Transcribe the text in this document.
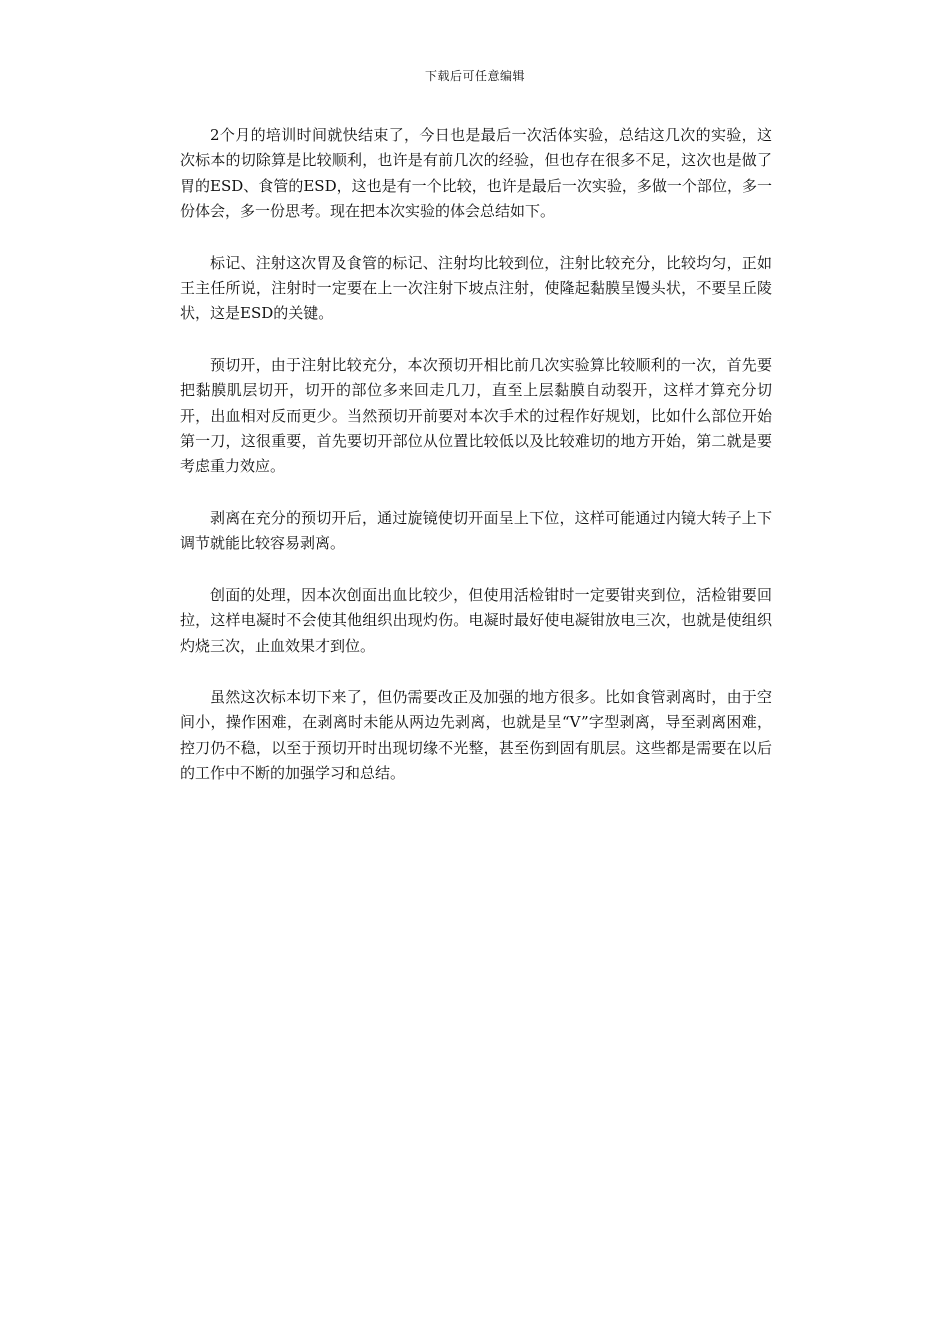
下载后可任意编辑

2个月的培训时间就快结束了，今日也是最后一次活体实验，总结这几次的实验，这次标本的切除算是比较顺利，也许是有前几次的经验，但也存在很多不足，这次也是做了胃的ESD、食管的ESD，这也是有一个比较，也许是最后一次实验，多做一个部位，多一份体会，多一份思考。现在把本次实验的体会总结如下。

标记、注射这次胃及食管的标记、注射均比较到位，注射比较充分，比较均匀，正如王主任所说，注射时一定要在上一次注射下坡点注射，使隆起黏膜呈馒头状，不要呈丘陵状，这是ESD的关键。

预切开，由于注射比较充分，本次预切开相比前几次实验算比较顺利的一次，首先要把黏膜肌层切开，切开的部位多来回走几刀，直至上层黏膜自动裂开，这样才算充分切开，出血相对反而更少。当然预切开前要对本次手术的过程作好规划，比如什么部位开始第一刀，这很重要，首先要切开部位从位置比较低以及比较难切的地方开始，第二就是要考虑重力效应。

剥离在充分的预切开后，通过旋镜使切开面呈上下位，这样可能通过内镜大转子上下调节就能比较容易剥离。

创面的处理，因本次创面出血比较少，但使用活检钳时一定要钳夹到位，活检钳要回拉，这样电凝时不会使其他组织出现灼伤。电凝时最好使电凝钳放电三次，也就是使组织灼烧三次，止血效果才到位。

虽然这次标本切下来了，但仍需要改正及加强的地方很多。比如食管剥离时，由于空间小，操作困难，在剥离时未能从两边先剥离，也就是呈“V”字型剥离，导至剥离困难，控刀仍不稳，以至于预切开时出现切缘不光整，甚至伤到固有肌层。这些都是需要在以后的工作中不断的加强学习和总结。
